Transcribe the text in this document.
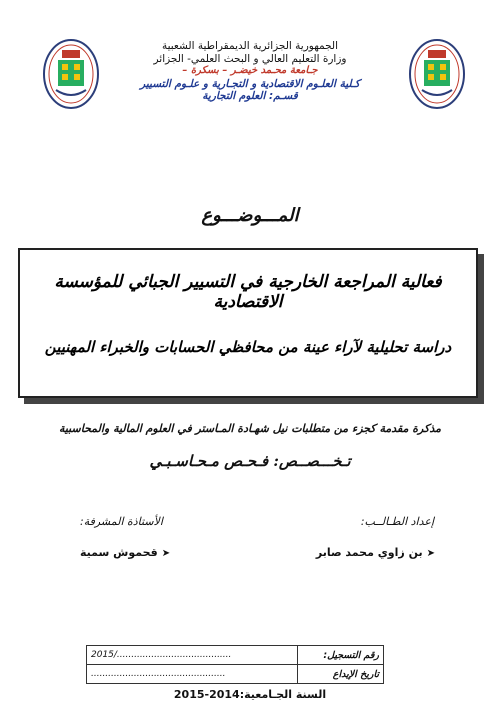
الجمهورية الجزائرية الديمقراطية الشعبية
وزارة التعليم العالي و البحث العلمي- الجزائر
جـامعة محـمد خيضـر – بسكرة –
كـلية العلـوم الاقتصادية و التجـارية و علـوم التسيير
قسـم: العلوم التجارية
المـــوضـــوع
فعالية المراجعة الخارجية في التسيير الجبائي للمؤسسة الاقتصادية
دراسة تحليلية لآراء عينة من محافظي الحسابات والخبراء المهنيين
مذكرة مقدمة كجزء من متطلبات نيل شهـادة المـاستر في العلوم المالية والمحاسبية
تـخـــصــص: فـحـص مـحـاسـبـي
إعداد الطـالــب:
الأستاذة المشرفة:
➤بن زاوي محمد صابر
➤قحموش سمية
رقم التسجيل:	2015/........................................
تاريخ الإيداع	...............................................
السنة الجـامعية:2014-2015
